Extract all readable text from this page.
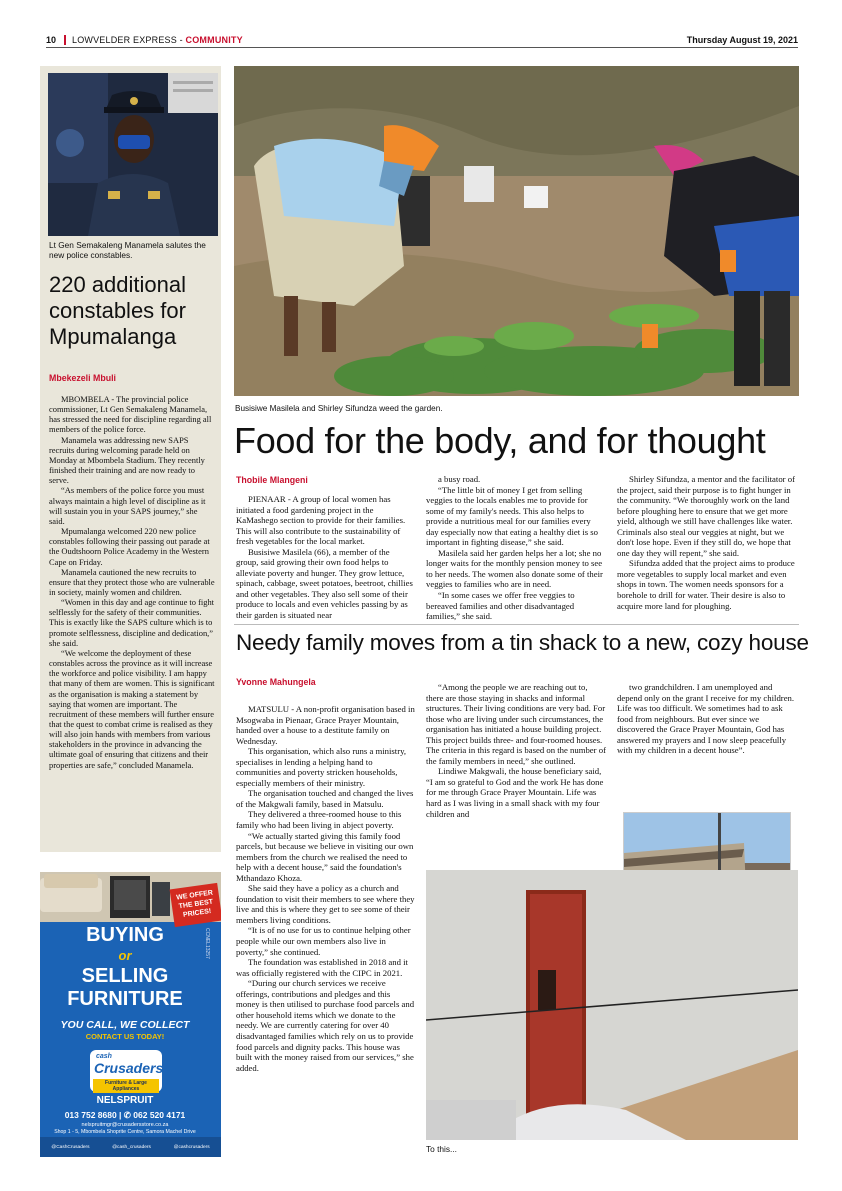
10 LOWVELDER EXPRESS - COMMUNITY	Thursday August 19, 2021
Lt Gen Semakaleng Manamela salutes the new police constables.
220 additional constables for Mpumalanga
Mbekezeli Mbuli

MBOMBELA - The provincial police commissioner, Lt Gen Semakaleng Manamela, has stressed the need for discipline regarding all members of the police force.

Manamela was addressing new SAPS recruits during welcoming parade held on Monday at Mbombela Stadium. They recently finished their training and are now ready to serve.

“As members of the police force you must always maintain a high level of discipline as it will sustain you in your SAPS journey,” she said.

Mpumalanga welcomed 220 new police constables following their passing out parade at the Oudtshoorn Police Academy in the Western Cape on Friday.

Manamela cautioned the new recruits to ensure that they protect those who are vulnerable in society, mainly women and children.

“Women in this day and age continue to fight selflessly for the safety of their communities. This is exactly like the SAPS culture which is to promote selflessness, discipline and dedication,” she said.

“We welcome the deployment of these constables across the province as it will increase the workforce and police visibility. I am happy that many of them are women. This is significant as the organisation is making a statement by saying that women are important. The recruitment of these members will further ensure that the quest to combat crime is realised as they will also join hands with members from various stakeholders in the province in advancing the ultimate goal of ensuring that citizens and their properties are safe,” concluded Manamela.

WE OFFER THE BEST PRICES!
BUYING
or
SELLING
FURNITURE
YOU CALL, WE COLLECT
CONTACT US TODAY!
cash
Crusaders
Furniture & Large Appliances
NELSPRUIT
013 752 8680 | ✆ 062 520 4171
nelspruitmgr@crusadersstore.co.za
Shop 1 - 5, Mbombela Shoprite Centre, Samora Machel Drive
@CashCrusaders	@cash_crusaders	@cashcrusaders
CCNEL13257
Busisiwe Masilela and Shirley Sifundza weed the garden.
Food for the body, and for thought
Thobile Mlangeni

PIENAAR - A group of local women has initiated a food gardening project in the KaMashego section to provide for their families. This will also contribute to the sustainability of fresh vegetables for the local market.

Busisiwe Masilela (66), a member of the group, said growing their own food helps to alleviate poverty and hunger. They grow lettuce, spinach, cabbage, sweet potatoes, beetroot, chillies and other vegetables. They also sell some of their produce to locals and even vehicles passing by as their garden is situated near

a busy road.

“The little bit of money I get from selling veggies to the locals enables me to provide for some of my family's needs. This also helps to provide a nutritious meal for our families every day especially now that eating a healthy diet is so important in fighting disease,” she said.

Masilela said her garden helps her a lot; she no longer waits for the monthly pension money to see to her needs. The women also donate some of their veggies to families who are in need.

“In some cases we offer free veggies to bereaved families and other disadvantaged families,” she said.

Shirley Sifundza, a mentor and the facilitator of the project, said their purpose is to fight hunger in the community. “We thoroughly work on the land before ploughing here to ensure that we get more yield, although we still have challenges like water. Criminals also steal our veggies at night, but we don't lose hope. Even if they still do, we hope that one day they will repent,” she said.

Sifundza added that the project aims to produce more vegetables to supply local market and even shops in town. The women needs sponsors for a borehole to drill for water. Their desire is also to acquire more land for ploughing.

Needy family moves from a tin shack to a new, cozy house
Yvonne Mahungela

MATSULU - A non-profit organisation based in Msogwaba in Pienaar, Grace Prayer Mountain, handed over a house to a destitute family on Wednesday.

This organisation, which also runs a ministry, specialises in lending a helping hand to communities and poverty stricken households, especially members of their ministry.

The organisation touched and changed the lives of the Makgwali family, based in Matsulu.

They delivered a three-roomed house to this family who had been living in abject poverty.

“We actually started giving this family food parcels, but because we believe in visiting our own members from the church we realised the need to help with a decent house,” said the foundation's Mthandazo Khoza.

She said they have a policy as a church and foundation to visit their members to see where they live and this is where they get to see some of their members living conditions.

“It is of no use for us to continue helping other people while our own members also live in poverty,” she continued.

The foundation was established in 2018 and it was officially registered with the CIPC in 2021.

“During our church services we receive offerings, contributions and pledges and this money is then utilised to purchase food parcels and other household items which we donate to the needy. We are currently catering for over 40 disadvantaged families which rely on us to provide food parcels and dignity packs. This house was built with the money raised from our services,” she added.

“Among the people we are reaching out to, there are those staying in shacks and informal structures. Their living conditions are very bad. For those who are living under such circumstances, the organisation has initiated a house building project. This project builds three- and four-roomed houses. The criteria in this regard is based on the number of the family members in need,” she outlined.

Lindiwe Makgwali, the house beneficiary said, “I am so grateful to God and the work He has done for me through Grace Prayer Mountain. Life was hard as I was living in a small shack with my four children and

two grandchildren. I am unemployed and depend only on the grant I receive for my children. Life was too difficult. We sometimes had to ask food from neighbours. But ever since we discovered the Grace Prayer Mountain, God has answered my prayers and I now sleep peacefully with my children in a decent house”.

To this...
